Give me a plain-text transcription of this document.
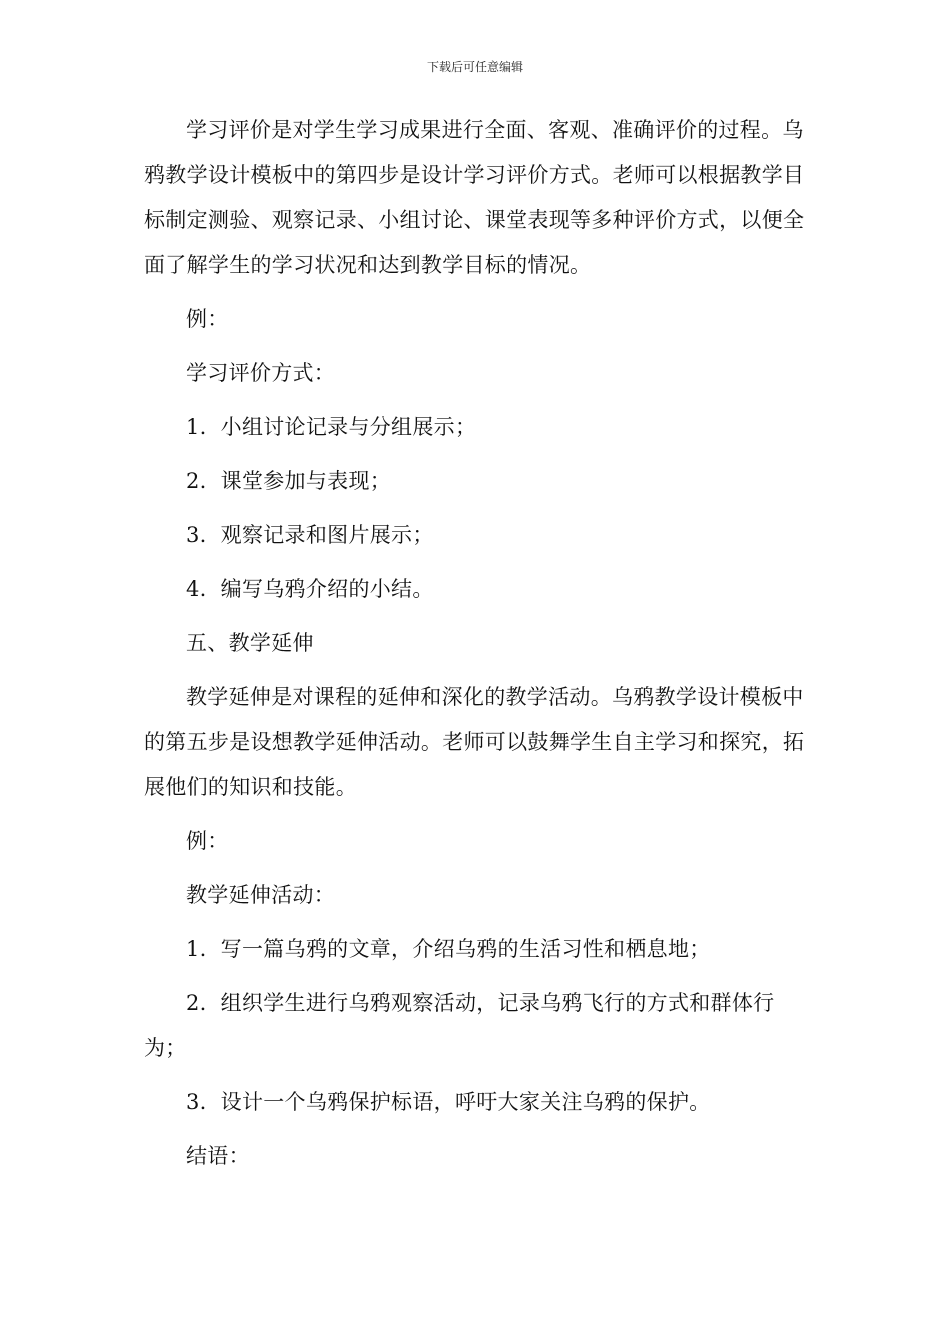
下载后可任意编辑

学习评价是对学生学习成果进行全面、客观、准确评价的过程。乌鸦教学设计模板中的第四步是设计学习评价方式。老师可以根据教学目标制定测验、观察记录、小组讨论、课堂表现等多种评价方式，以便全面了解学生的学习状况和达到教学目标的情况。

例：

学习评价方式：

1. 小组讨论记录与分组展示；

2. 课堂参加与表现；

3. 观察记录和图片展示；

4. 编写乌鸦介绍的小结。

五、教学延伸

教学延伸是对课程的延伸和深化的教学活动。乌鸦教学设计模板中的第五步是设想教学延伸活动。老师可以鼓舞学生自主学习和探究，拓展他们的知识和技能。

例：

教学延伸活动：

1. 写一篇乌鸦的文章，介绍乌鸦的生活习性和栖息地；

2. 组织学生进行乌鸦观察活动，记录乌鸦飞行的方式和群体行为；

3. 设计一个乌鸦保护标语，呼吁大家关注乌鸦的保护。

结语：
